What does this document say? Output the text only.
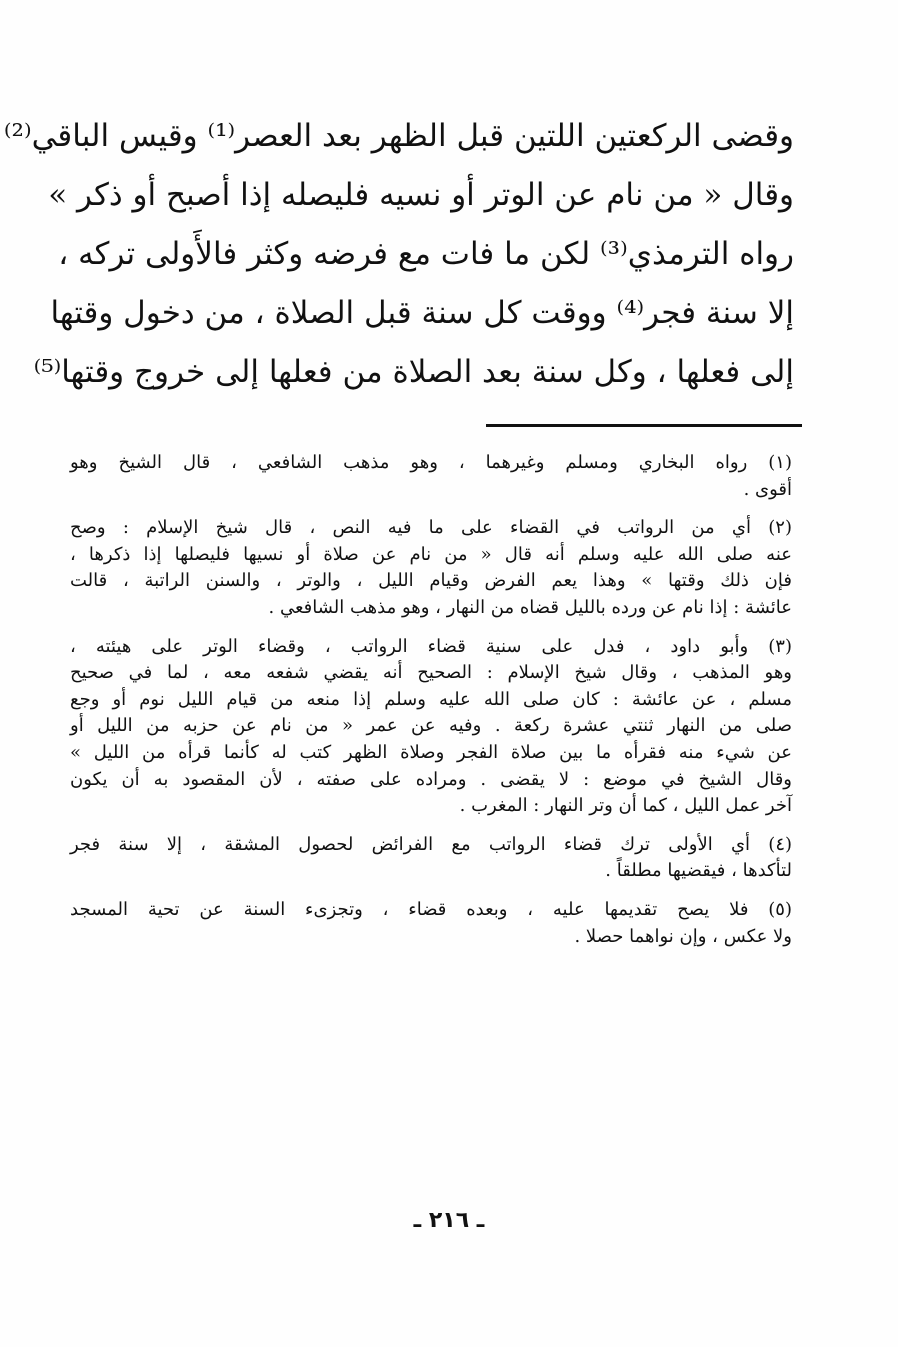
وقضى الركعتين اللتين قبل الظهر بعد العصر⁽¹⁾ وقيس الباقي⁽²⁾
وقال « من نام عن الوتر أو نسيه فليصله إذا أصبح أو ذكر »
رواه الترمذي⁽³⁾ لكن ما فات مع فرضه وكثر فالأَولى تركه ،
إلا سنة فجر⁽⁴⁾ ووقت كل سنة قبل الصلاة ، من دخول وقتها
إلى فعلها ، وكل سنة بعد الصلاة من فعلها إلى خروج وقتها⁽⁵⁾
(١) رواه البخاري ومسلم وغيرهما ، وهو مذهب الشافعي ، قال الشيخ وهو
أقوى .
(٢) أي من الرواتب في القضاء على ما فيه النص ، قال شيخ الإسلام : وصح
عنه صلى الله عليه وسلم أنه قال « من نام عن صلاة أو نسيها فليصلها إذا ذكرها ،
فإن ذلك وقتها » وهذا يعم الفرض وقيام الليل ، والوتر ، والسنن الراتبة ، قالت
عائشة : إذا نام عن ورده بالليل قضاه من النهار ، وهو مذهب الشافعي .
(٣) وأبو داود ، فدل على سنية قضاء الرواتب ، وقضاء الوتر على هيئته ،
وهو المذهب ، وقال شيخ الإسلام : الصحيح أنه يقضي شفعه معه ، لما في صحيح
مسلم ، عن عائشة : كان صلى الله عليه وسلم إذا منعه من قيام الليل نوم أو وجع
صلى من النهار ثنتي عشرة ركعة . وفيه عن عمر « من نام عن حزبه من الليل أو
عن شيء منه فقرأه ما بين صلاة الفجر وصلاة الظهر كتب له كأنما قرأه من الليل »
وقال الشيخ في موضع : لا يقضى . ومراده على صفته ، لأن المقصود به أن يكون
آخر عمل الليل ، كما أن وتر النهار : المغرب .
(٤) أي الأولى ترك قضاء الرواتب مع الفرائض لحصول المشقة ، إلا سنة فجر
لتأكدها ، فيقضيها مطلقاً .
(٥) فلا يصح تقديمها عليه ، وبعده قضاء ، وتجزىء السنة عن تحية المسجد
ولا عكس ، وإن نواهما حصلا .
ـ ٢١٦ ـ
